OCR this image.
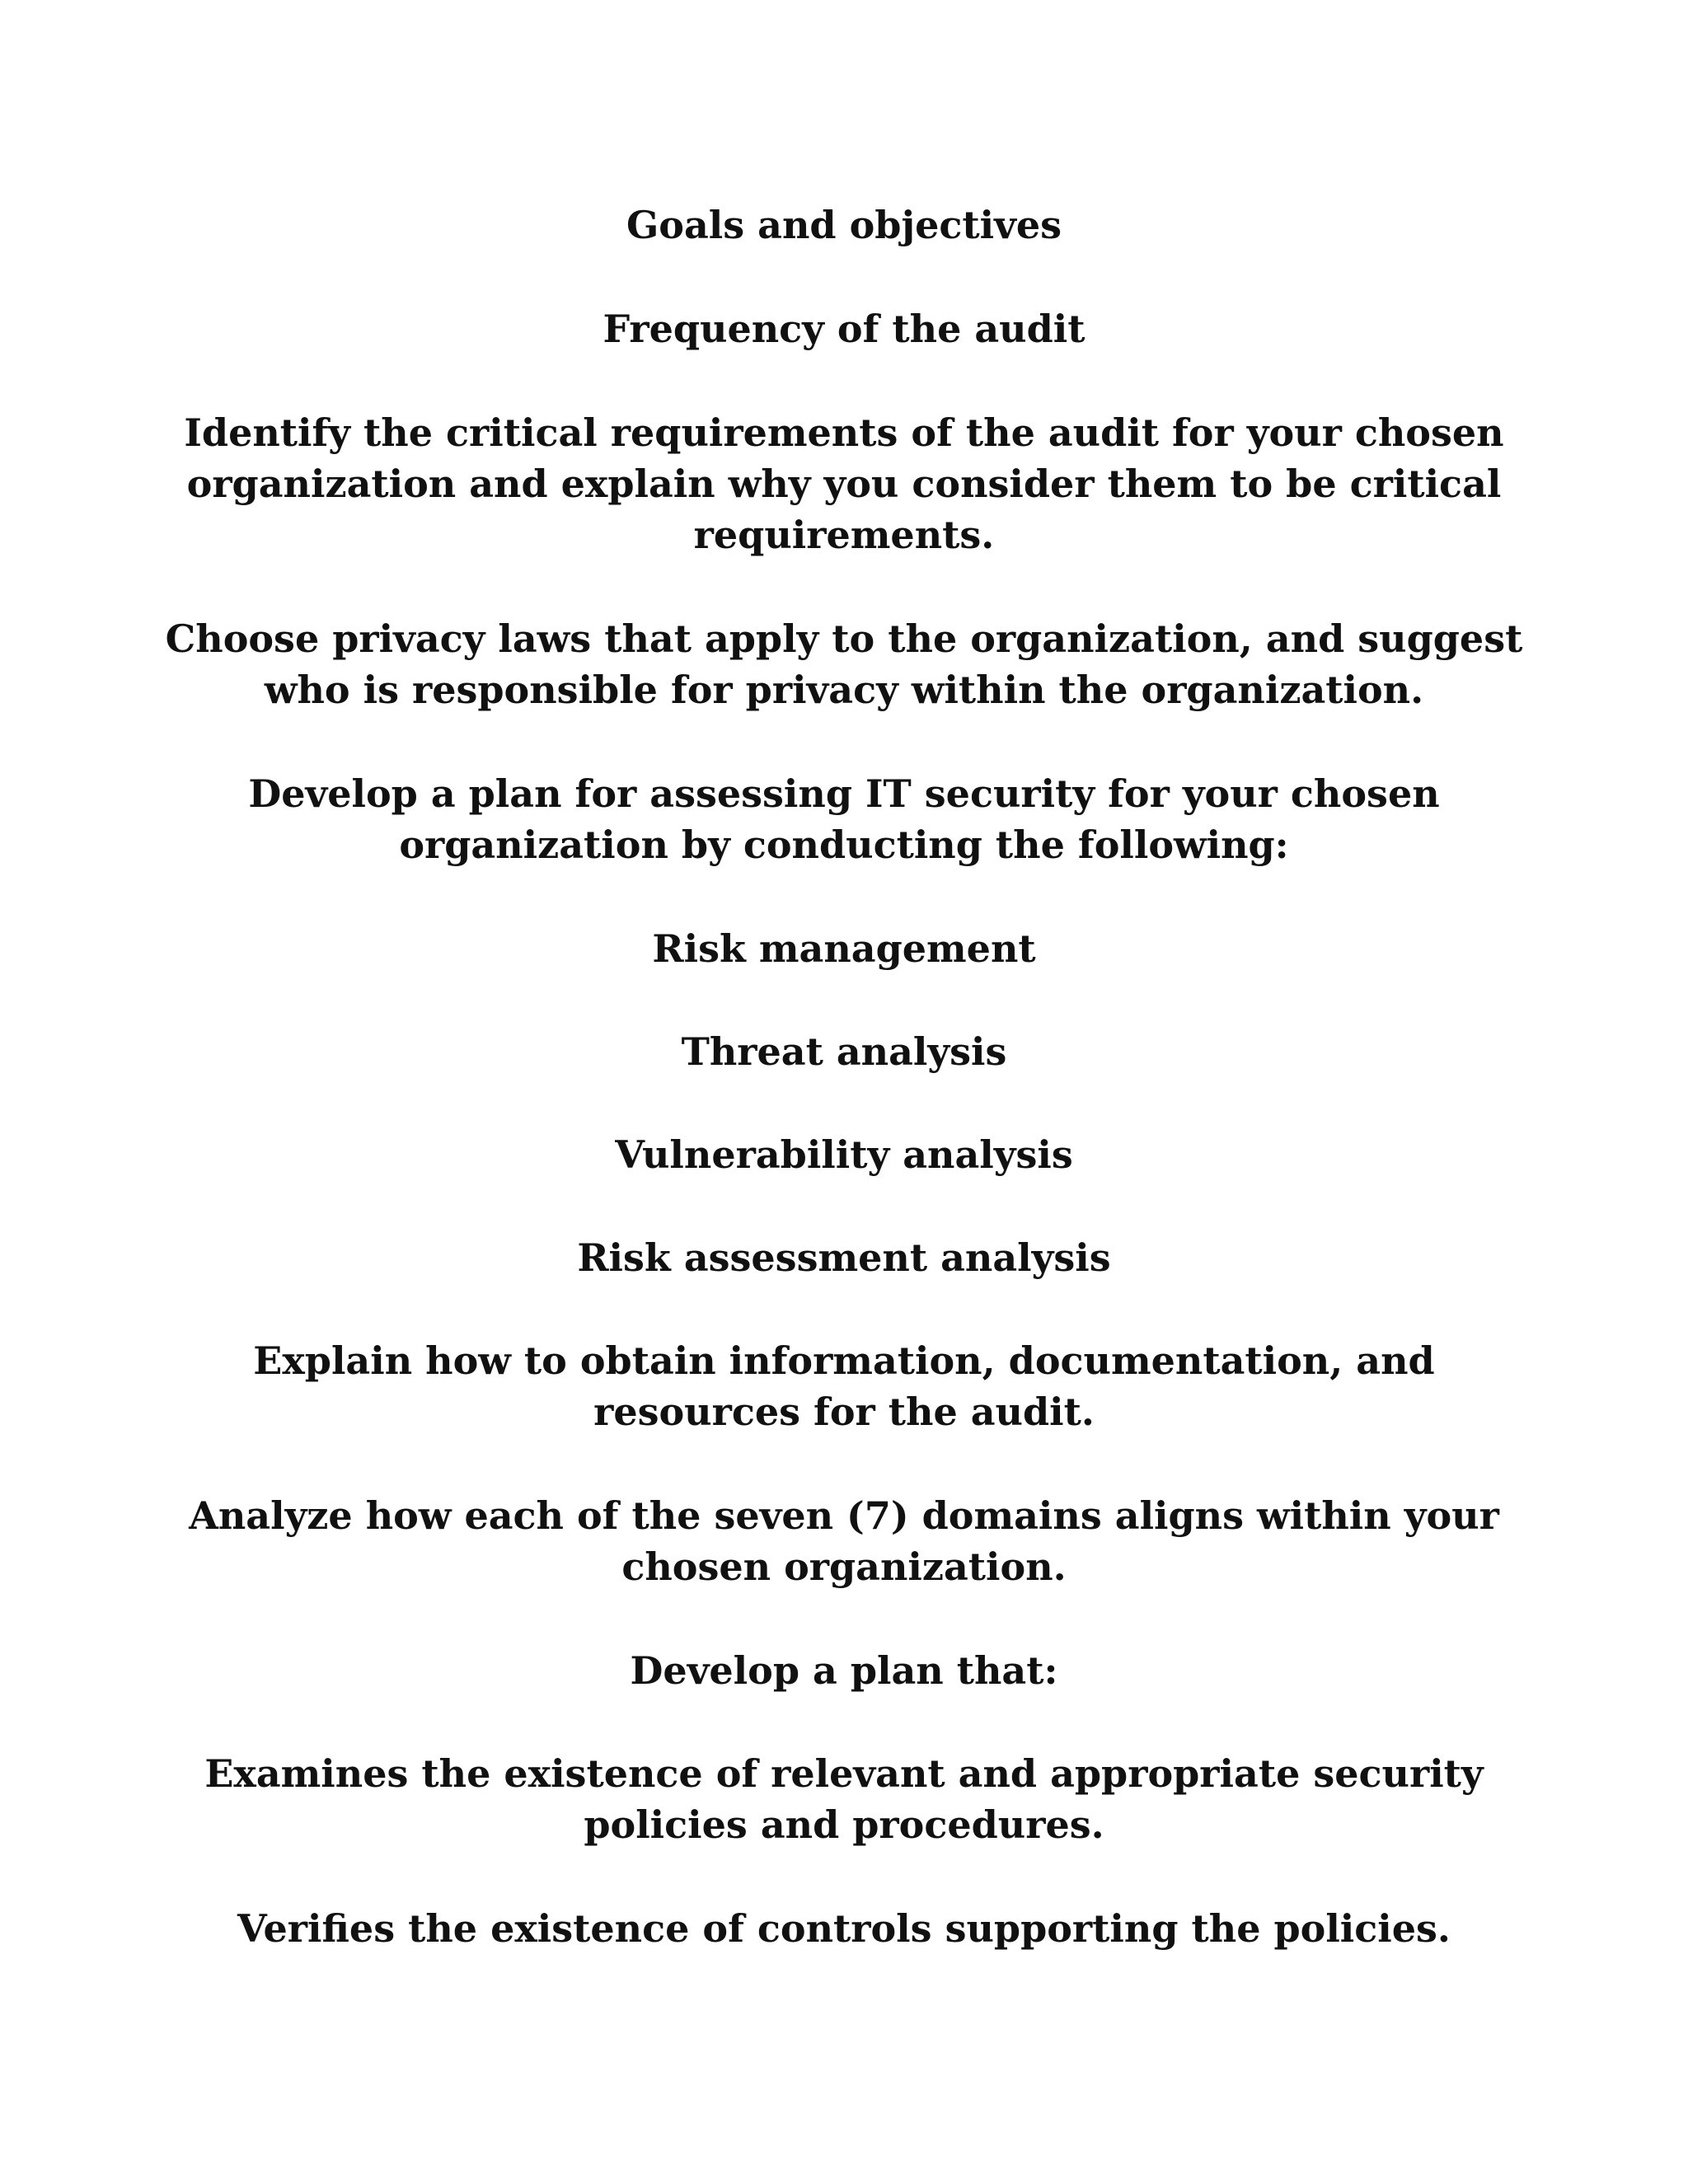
Goals and objectives

Frequency of the audit

Identify the critical requirements of the audit for your chosen
organization and explain why you consider them to be critical
requirements.

Choose privacy laws that apply to the organization, and suggest
who is responsible for privacy within the organization.

Develop a plan for assessing IT security for your chosen
organization by conducting the following:

Risk management

Threat analysis

Vulnerability analysis

Risk assessment analysis

Explain how to obtain information, documentation, and
resources for the audit.

Analyze how each of the seven (7) domains aligns within your
chosen organization.

Develop a plan that:

Examines the existence of relevant and appropriate security
policies and procedures.

Verifies the existence of controls supporting the policies.
